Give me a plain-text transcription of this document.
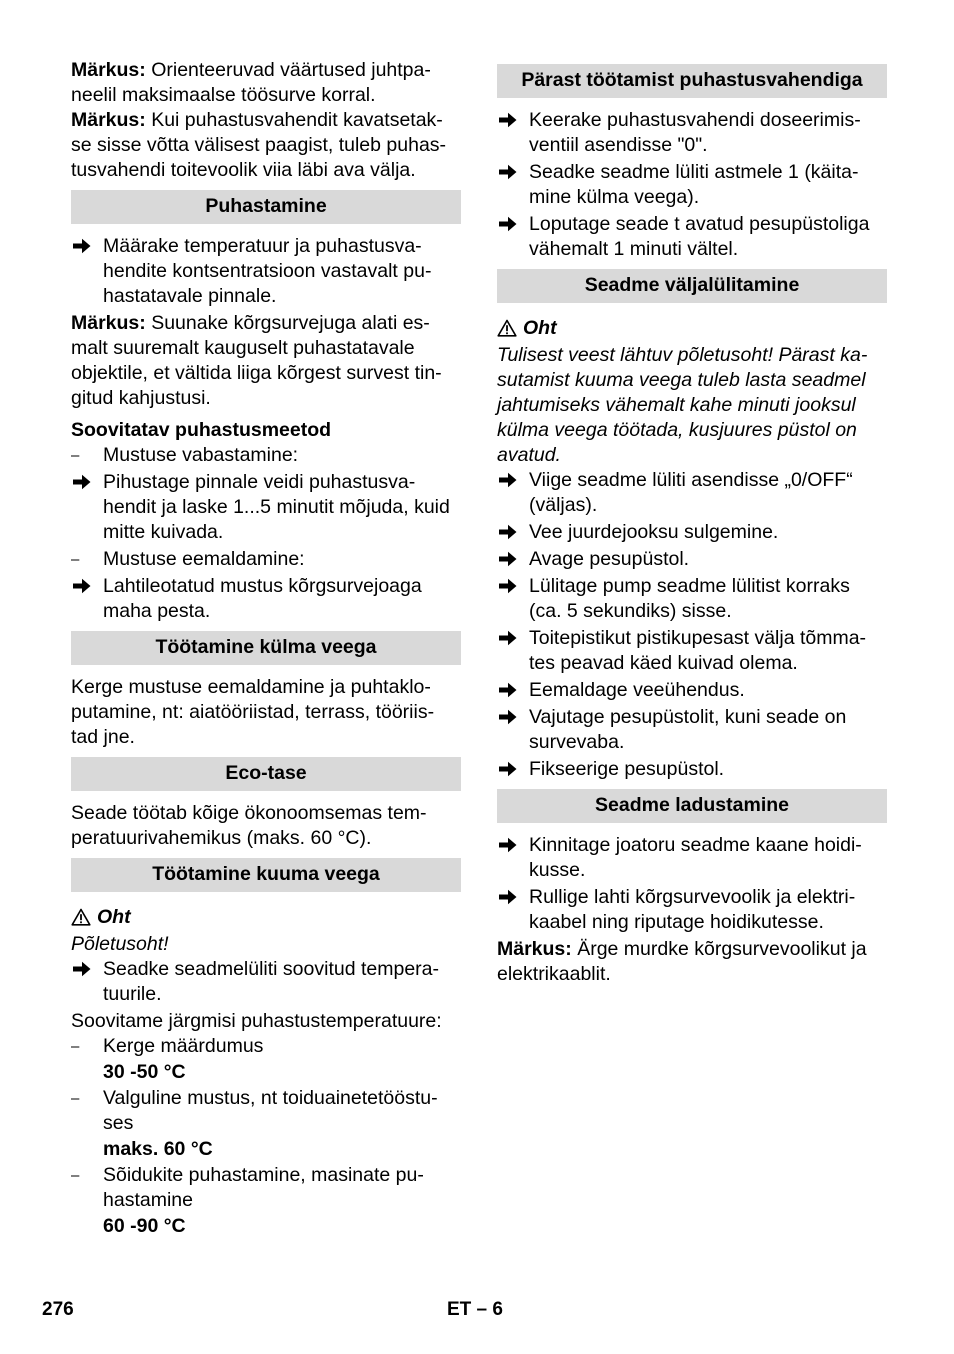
Märkus: Orienteeruvad väärtused juhtpa-neelil maksimaalse töösurve korral.

Märkus: Kui puhastusvahendit kavatsetak-se sisse võtta välisest paagist, tuleb puhas-tusvahendi toitevoolik viia läbi ava välja.

Puhastamine
Määrake temperatuur ja puhastusva-hendite kontsentratsioon vastavalt pu-hastatavale pinnale.

Märkus: Suunake kõrgsurvejuga alati es-malt suuremalt kauguselt puhastatavale objektile, et vältida liiga kõrgest survest tin-gitud kahjustusi.

Soovitatav puhastusmeetod
–	Mustuse vabastamine:
Pihustage pinnale veidi puhastusva-hendit ja laske 1...5 minutit mõjuda, kuid mitte kuivada.
–	Mustuse eemaldamine:
Lahtileotatud mustus kõrgsurvejoaga maha pesta.
Töötamine külma veega

Kerge mustuse eemaldamine ja puhtaklo-putamine, nt: aiatööriistad, terrass, tööriis-tad jne.

Eco-tase

Seade töötab kõige ökonoomsemas tem-peratuurivahemikus (maks. 60 °C).

Töötamine kuuma veega
Oht

Põletusoht!

Seadke seadmelüliti soovitud tempera-tuurile.

Soovitame järgmisi puhastustemperatuure:

–	Kerge määrdumus
30 -50 °C
–	Valguline mustus, nt toiduainetetööstu-ses
maks. 60 °C
–	Sõidukite puhastamine, masinate pu-hastamine
60 -90 °C
Pärast töötamist puhastusvahendiga
Keerake puhastusvahendi doseerimis-ventiil asendisse "0".
Seadke seadme lüliti astmele 1 (käita-mine külma veega).
Loputage seade t avatud pesupüstoliga vähemalt 1 minuti vältel.
Seadme väljalülitamine
Oht

Tulisest veest lähtuv põletusoht! Pärast ka-sutamist kuuma veega tuleb lasta seadmel jahtumiseks vähemalt kahe minuti jooksul külma veega töötada, kusjuures püstol on avatud.

Viige seadme lüliti asendisse „0/OFF“ (väljas).
Vee juurdejooksu sulgemine.
Avage pesupüstol.
Lülitage pump seadme lülitist korraks (ca. 5 sekundiks) sisse.
Toitepistikut pistikupesast välja tõmma-tes peavad käed kuivad olema.
Eemaldage veeühendus.
Vajutage pesupüstolit, kuni seade on survevaba.
Fikseerige pesupüstol.
Seadme ladustamine
Kinnitage joatoru seadme kaane hoidi-kusse.
Rullige lahti kõrgsurvevoolik ja elektri-kaabel ning riputage hoidikutesse.

Märkus: Ärge murdke kõrgsurvevoolikut ja elektrikaablit.

276	ET – 6
